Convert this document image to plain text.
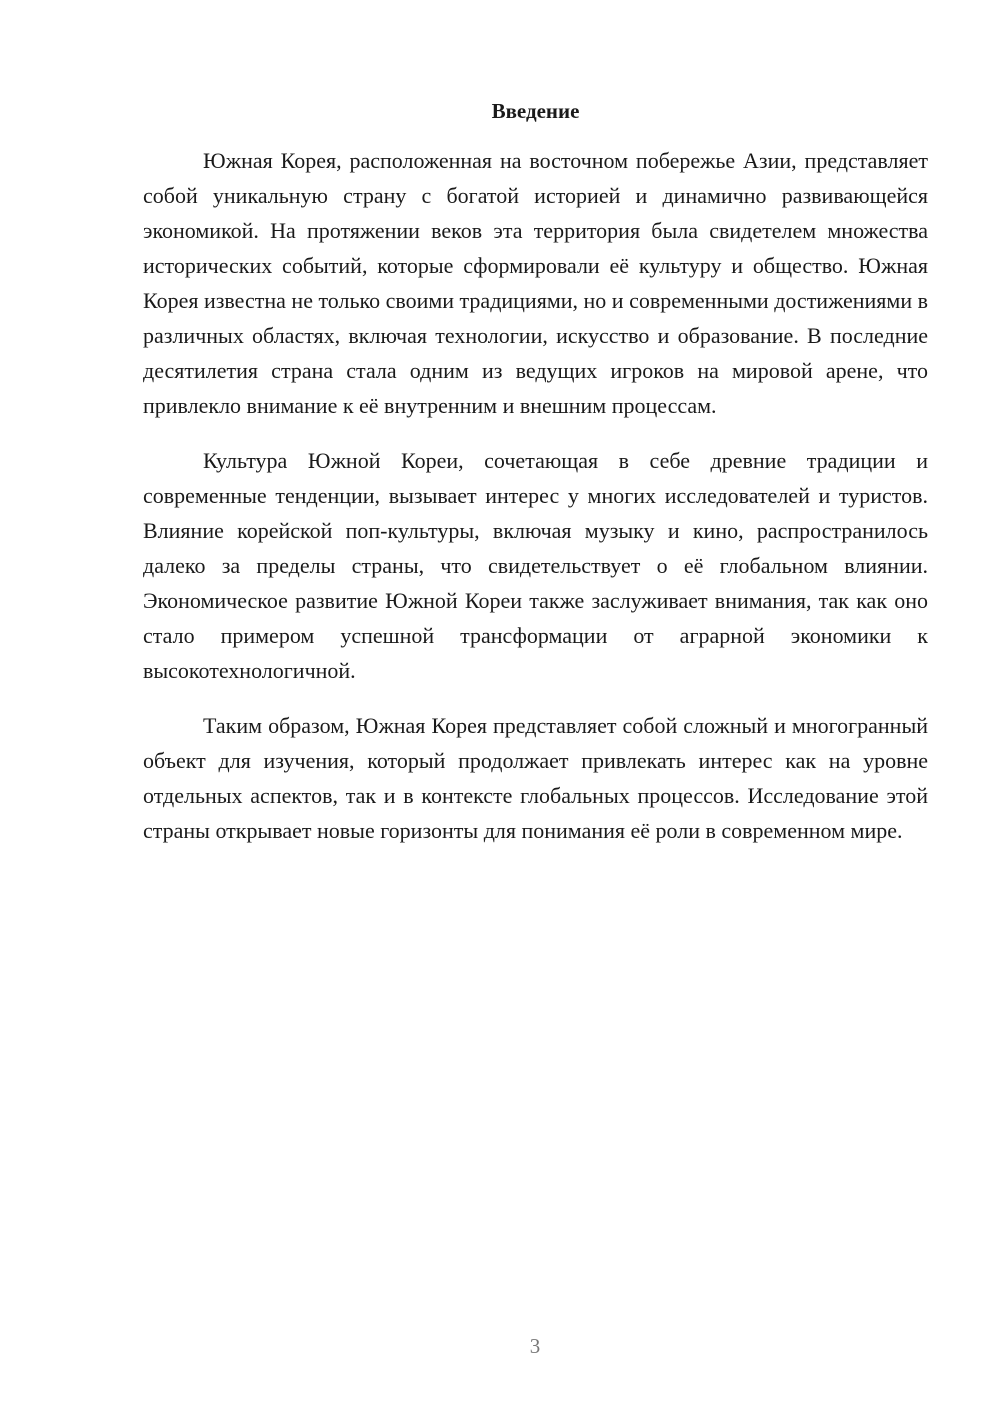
Введение

Южная Корея, расположенная на восточном побережье Азии, представляет собой уникальную страну с богатой историей и динамично развивающейся экономикой. На протяжении веков эта территория была свидетелем множества исторических событий, которые сформировали её культуру и общество. Южная Корея известна не только своими традициями, но и современными достижениями в различных областях, включая технологии, искусство и образование. В последние десятилетия страна стала одним из ведущих игроков на мировой арене, что привлекло внимание к её внутренним и внешним процессам.

Культура Южной Кореи, сочетающая в себе древние традиции и современные тенденции, вызывает интерес у многих исследователей и туристов. Влияние корейской поп-культуры, включая музыку и кино, распространилось далеко за пределы страны, что свидетельствует о её глобальном влиянии. Экономическое развитие Южной Кореи также заслуживает внимания, так как оно стало примером успешной трансформации от аграрной экономики к высокотехнологичной.

Таким образом, Южная Корея представляет собой сложный и многогранный объект для изучения, который продолжает привлекать интерес как на уровне отдельных аспектов, так и в контексте глобальных процессов. Исследование этой страны открывает новые горизонты для понимания её роли в современном мире.

3
